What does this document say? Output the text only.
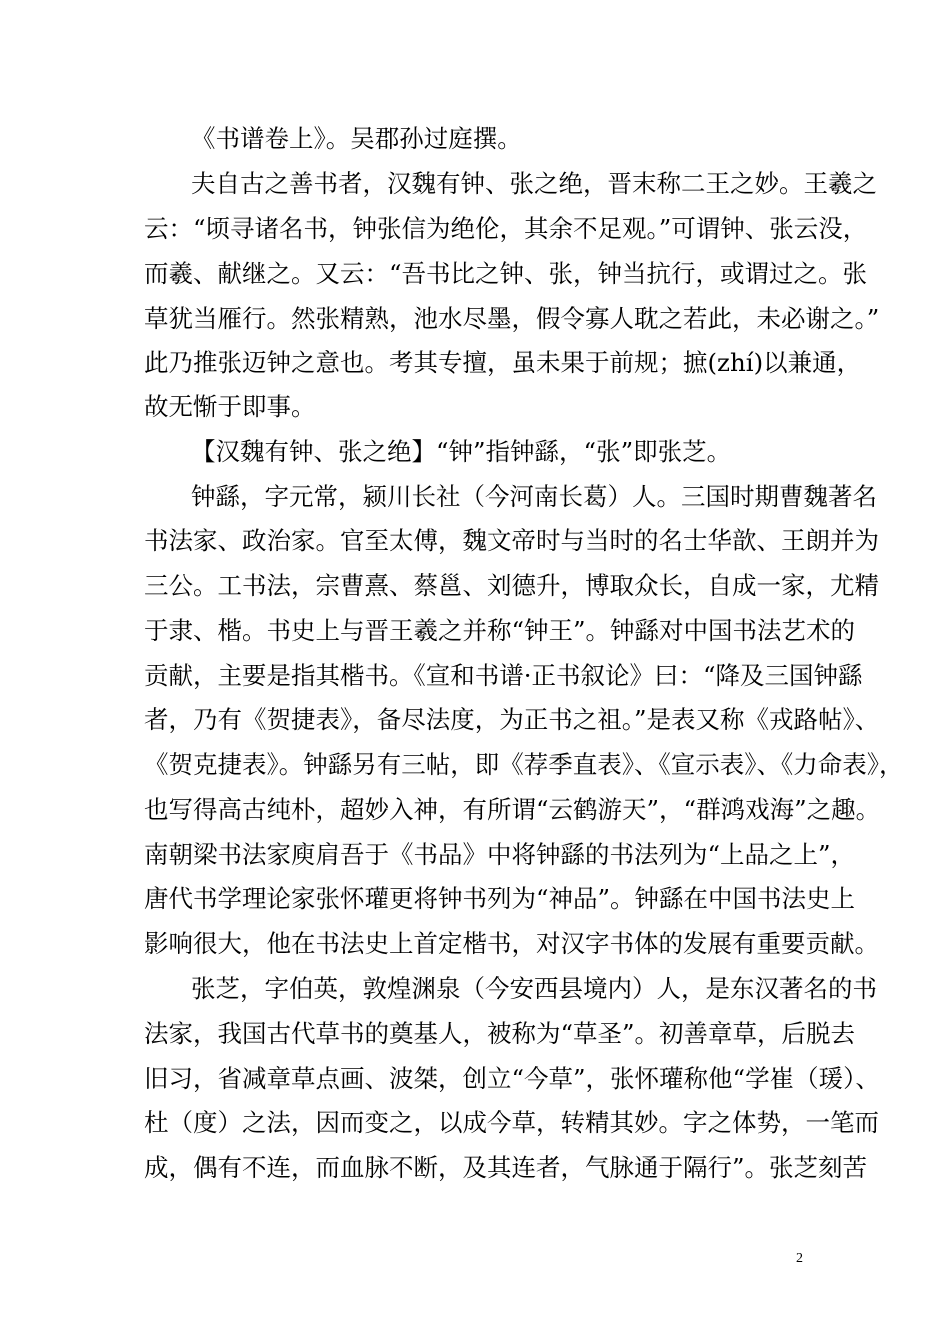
《书谱卷上》。吴郡孙过庭撰。
夫自古之善书者，汉魏有钟、张之绝，晋末称二王之妙。王羲之
云：“顷寻诸名书，钟张信为绝伦，其余不足观。”可谓钟、张云没，
而羲、献继之。又云：“吾书比之钟、张，钟当抗行，或谓过之。张
草犹当雁行。然张精熟，池水尽墨，假令寡人耽之若此，未必谢之。”
此乃推张迈钟之意也。考其专擅，虽未果于前规；摭(zhí)以兼通，
故无惭于即事。
【汉魏有钟、张之绝】“钟”指钟繇，“张”即张芝。
钟繇，字元常，颍川长社（今河南长葛）人。三国时期曹魏著名
书法家、政治家。官至太傅，魏文帝时与当时的名士华歆、王朗并为
三公。工书法，宗曹熹、蔡邕、刘德升，博取众长，自成一家，尤精
于隶、楷。书史上与晋王羲之并称“钟王”。钟繇对中国书法艺术的
贡献，主要是指其楷书。《宣和书谱·正书叙论》曰：“降及三国钟繇
者，乃有《贺捷表》，备尽法度，为正书之祖。”是表又称《戎路帖》、
《贺克捷表》。钟繇另有三帖，即《荐季直表》、《宣示表》、《力命表》，
也写得高古纯朴，超妙入神，有所谓“云鹤游天”，“群鸿戏海”之趣。
南朝梁书法家庾肩吾于《书品》中将钟繇的书法列为“上品之上”，
唐代书学理论家张怀瓘更将钟书列为“神品”。钟繇在中国书法史上
影响很大，他在书法史上首定楷书，对汉字书体的发展有重要贡献。
张芝，字伯英，敦煌渊泉（今安西县境内）人，是东汉著名的书
法家，我国古代草书的奠基人，被称为“草圣”。初善章草，后脱去
旧习，省减章草点画、波桀，创立“今草”，张怀瓘称他“学崔（瑗）、
杜（度）之法，因而变之，以成今草，转精其妙。字之体势，一笔而
成，偶有不连，而血脉不断，及其连者，气脉通于隔行”。张芝刻苦
2
